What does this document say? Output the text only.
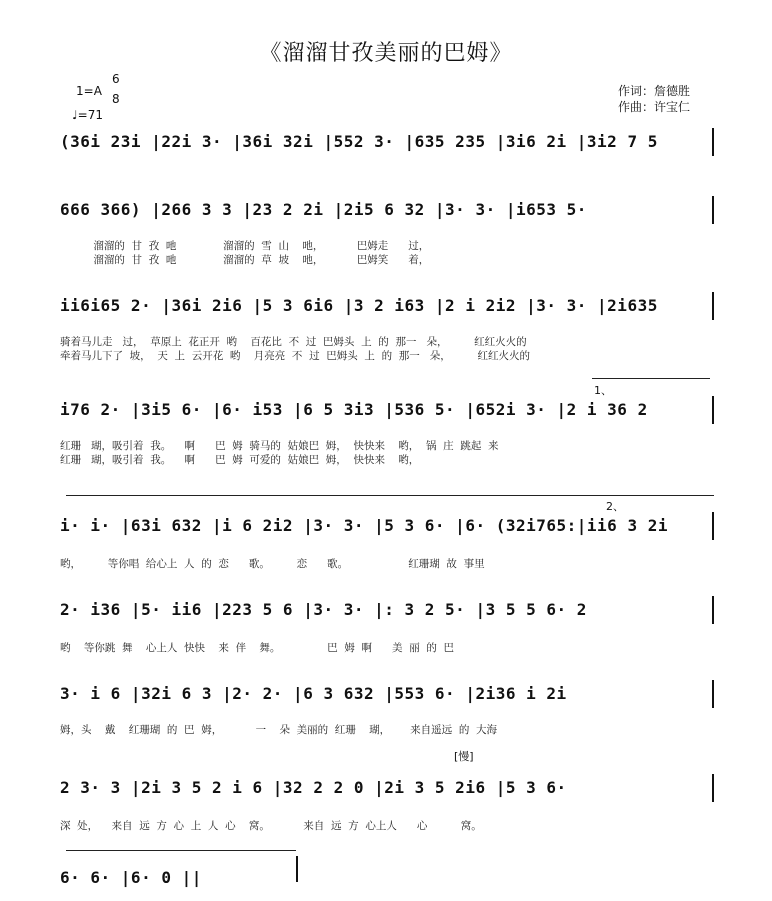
《溜溜甘孜美丽的巴姆》
1=A
6
8
♩=71
作词：詹德胜
作曲：许宝仁
(36i 23i |22i 3· |36i 32i |552 3· |635 235 |3i6 2i |3i2 7 5
666 366) |266 3 3 |23 2 2i |2i5 6 32 |3· 3· |i653 5·
溜溜的  甘  孜  吔              溜溜的  雪  山    吔，          巴姆走      过，
溜溜的  甘  孜  吔              溜溜的  草  坡    吔，          巴姆笑      着，
ii6i65 2· |36i 2i6 |5 3 6i6 |3 2 i63 |2 i 2i2 |3· 3· |2i635
骑着马儿走   过，  草原上  花正开  哟    百花比  不  过  巴姆头  上  的  那一   朵，        红红火火的
牵着马儿下了  坡，  天  上  云开花  哟    月亮亮  不  过  巴姆头  上  的  那一   朵，        红红火火的
1、
i76 2· |3i5 6· |6· i53 |6 5 3i3 |536 5· |652i 3· |2 i 36 2
红珊   瑚，吸引着  我。    啊      巴  姆  骑马的  姑娘巴  姆，  快快来    哟，  锅  庄  跳起  来
红珊   瑚，吸引着  我。    啊      巴  姆  可爱的  姑娘巴  姆，  快快来    哟，
2、
i· i· |63i 632 |i 6 2i2 |3· 3· |5 3 6· |6· (32i765:|ii6 3 2i
哟，        等你唱  给心上  人  的  恋      歌。        恋      歌。                  红珊瑚  故  事里
2· i36 |5· ii6 |223 5 6 |3· 3· |: 3 2 5· |3 5 5 6· 2
哟    等你跳  舞    心上人  快快    来  伴    舞。              巴  姆  啊      美  丽  的  巴
3· i 6 |32i 6 3 |2· 2· |6 3 632 |553 6· |2i36 i 2i
姆，头    戴    红珊瑚  的  巴  姆，          一    朵  美丽的  红珊    瑚，      来自遥远  的  大海
[慢]
2 3· 3 |2i 3 5 2 i 6 |32 2 2 0 |2i 3 5 2i6 |5 3 6·
深  处，    来自  远  方  心  上  人  心    窝。          来自  远  方  心上人      心          窝。
6· 6· |6· 0 ||
